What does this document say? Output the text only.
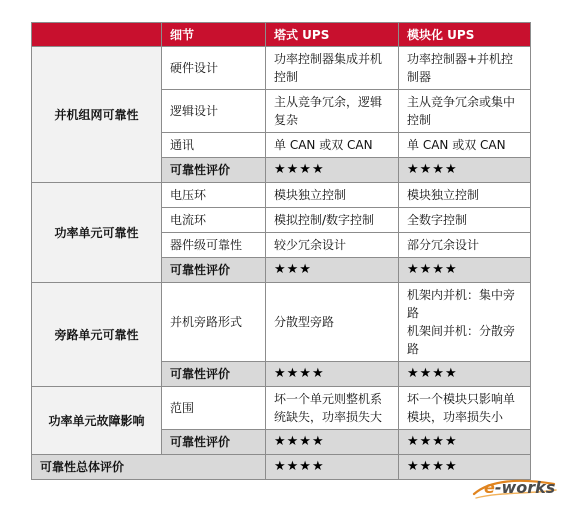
	细节	塔式 UPS	模块化 UPS
并机组网可靠性	硬件设计	功率控制器集成并机控制	功率控制器+并机控制器
	逻辑设计	主从竞争冗余，逻辑复杂	主从竞争冗余或集中控制
	通讯	单 CAN 或双 CAN	单 CAN 或双 CAN
	可靠性评价	★★★★	★★★★
功率单元可靠性	电压环	模块独立控制	模块独立控制
	电流环	模拟控制/数字控制	全数字控制
	器件级可靠性	较少冗余设计	部分冗余设计
	可靠性评价	★★★	★★★★
旁路单元可靠性	并机旁路形式	分散型旁路	机架内并机：集中旁路
机架间并机：分散旁路
	可靠性评价	★★★★	★★★★
功率单元故障影响	范围	坏一个单元则整机系统缺失，功率损失大	坏一个模块只影响单模块，功率损失小
	可靠性评价	★★★★	★★★★
可靠性总体评价		★★★★	★★★★
e-works
